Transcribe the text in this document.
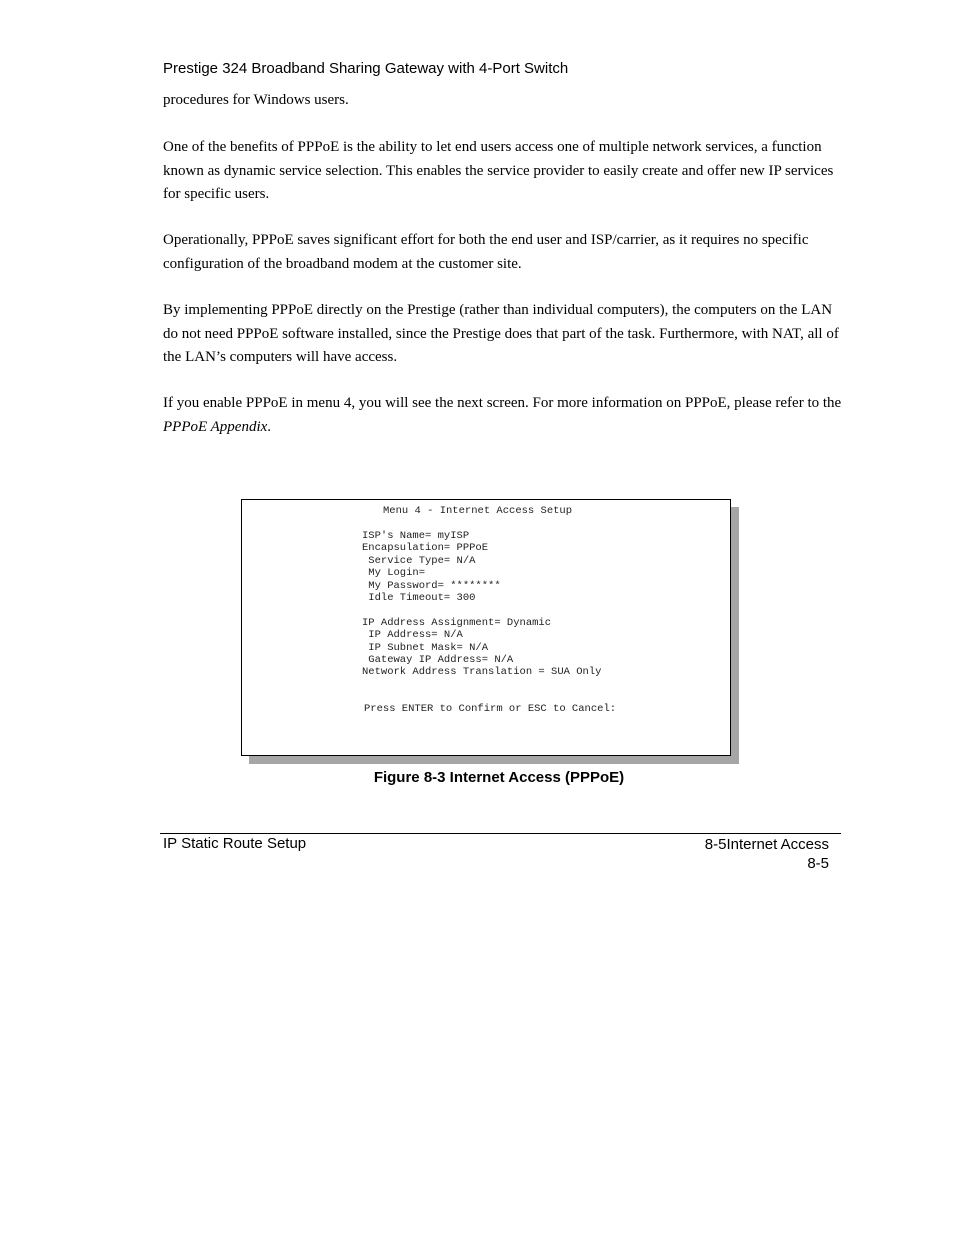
Prestige 324 Broadband Sharing Gateway with 4-Port Switch

procedures for Windows users.

One of the benefits of PPPoE is the ability to let end users access one of multiple network services, a function known as dynamic service selection. This enables the service provider to easily create and offer new IP services for specific users.

Operationally, PPPoE saves significant effort for both the end user and ISP/carrier, as it requires no specific configuration of the broadband modem at the customer site.

By implementing PPPoE directly on the Prestige (rather than individual computers), the computers on the LAN do not need PPPoE software installed, since the Prestige does that part of the task. Furthermore, with NAT, all of the LAN’s computers will have access.

If you enable PPPoE in menu 4, you will see the next screen. For more information on PPPoE, please refer to the PPPoE Appendix.

Menu 4 - Internet Access Setup
ISP's Name= myISP
Encapsulation= PPPoE
Service Type= N/A
My Login=
My Password= ********
Idle Timeout= 300

IP Address Assignment= Dynamic
IP Address= N/A
IP Subnet Mask= N/A
Gateway IP Address= N/A
Network Address Translation = SUA Only
Press ENTER to Confirm or ESC to Cancel:
Figure 8-3 Internet Access (PPPoE)
IP Static Route Setup	8-5Internet Access
8-5
